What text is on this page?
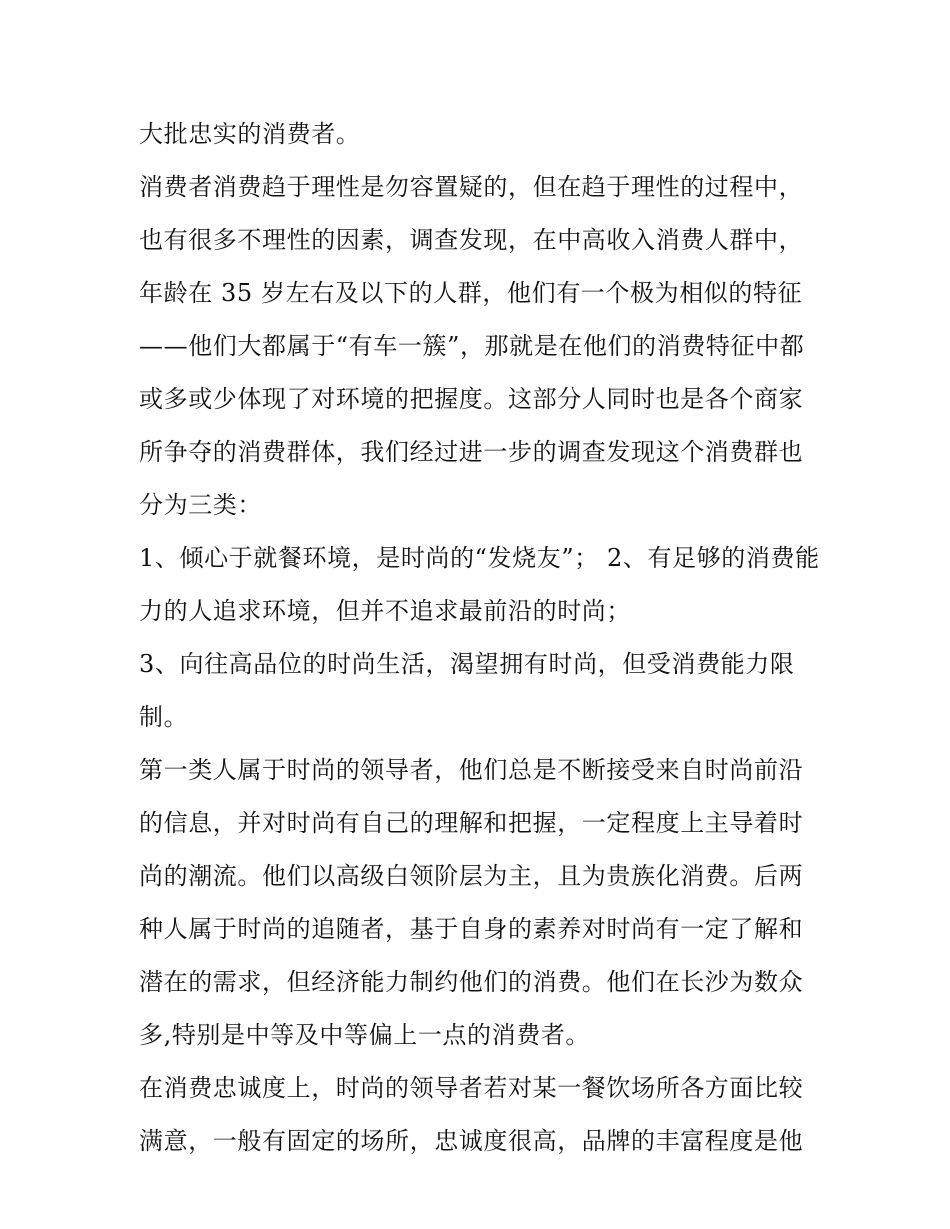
大批忠实的消费者。
消费者消费趋于理性是勿容置疑的，但在趋于理性的过程中，
也有很多不理性的因素，调查发现，在中高收入消费人群中，
年龄在 35 岁左右及以下的人群，他们有一个极为相似的特征
——他们大都属于“有车一簇”，那就是在他们的消费特征中都
或多或少体现了对环境的把握度。这部分人同时也是各个商家
所争夺的消费群体，我们经过进一步的调查发现这个消费群也
分为三类：
1、倾心于就餐环境，是时尚的“发烧友”； 2、有足够的消费能
力的人追求环境，但并不追求最前沿的时尚；
3、向往高品位的时尚生活，渴望拥有时尚，但受消费能力限
制。
第一类人属于时尚的领导者，他们总是不断接受来自时尚前沿
的信息，并对时尚有自己的理解和把握，一定程度上主导着时
尚的潮流。他们以高级白领阶层为主，且为贵族化消费。后两
种人属于时尚的追随者，基于自身的素养对时尚有一定了解和
潜在的需求，但经济能力制约他们的消费。他们在长沙为数众
多,特别是中等及中等偏上一点的消费者。
在消费忠诚度上，时尚的领导者若对某一餐饮场所各方面比较
满意，一般有固定的场所，忠诚度很高，品牌的丰富程度是他
